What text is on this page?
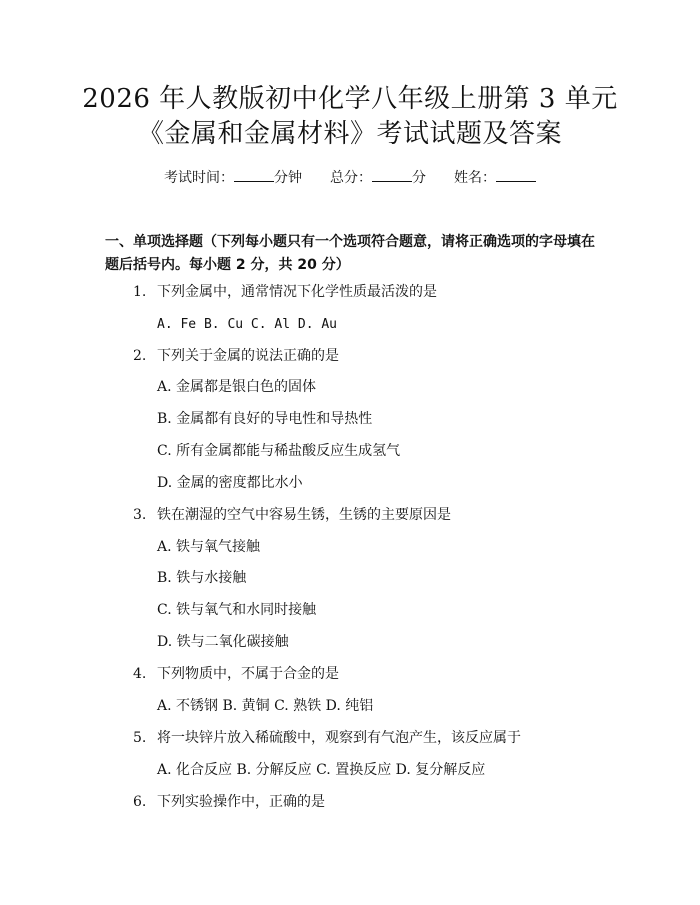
2026 年人教版初中化学八年级上册第 3 单元
《金属和金属材料》考试试题及答案
考试时间：	分钟 总分：	分 姓名：
一、单项选择题（下列每小题只有一个选项符合题意，请将正确选项的字母填在题后括号内。每小题 2 分，共 20 分）
1. 下列金属中，通常情况下化学性质最活泼的是
A. Fe B. Cu C. Al D. Au
2. 下列关于金属的说法正确的是
A. 金属都是银白色的固体
B. 金属都有良好的导电性和导热性
C. 所有金属都能与稀盐酸反应生成氢气
D. 金属的密度都比水小
3. 铁在潮湿的空气中容易生锈，生锈的主要原因是
A. 铁与氧气接触
B. 铁与水接触
C. 铁与氧气和水同时接触
D. 铁与二氧化碳接触
4. 下列物质中，不属于合金的是
A. 不锈钢 B. 黄铜 C. 熟铁 D. 纯铝
5. 将一块锌片放入稀硫酸中，观察到有气泡产生，该反应属于
A. 化合反应 B. 分解反应 C. 置换反应 D. 复分解反应
6. 下列实验操作中，正确的是
